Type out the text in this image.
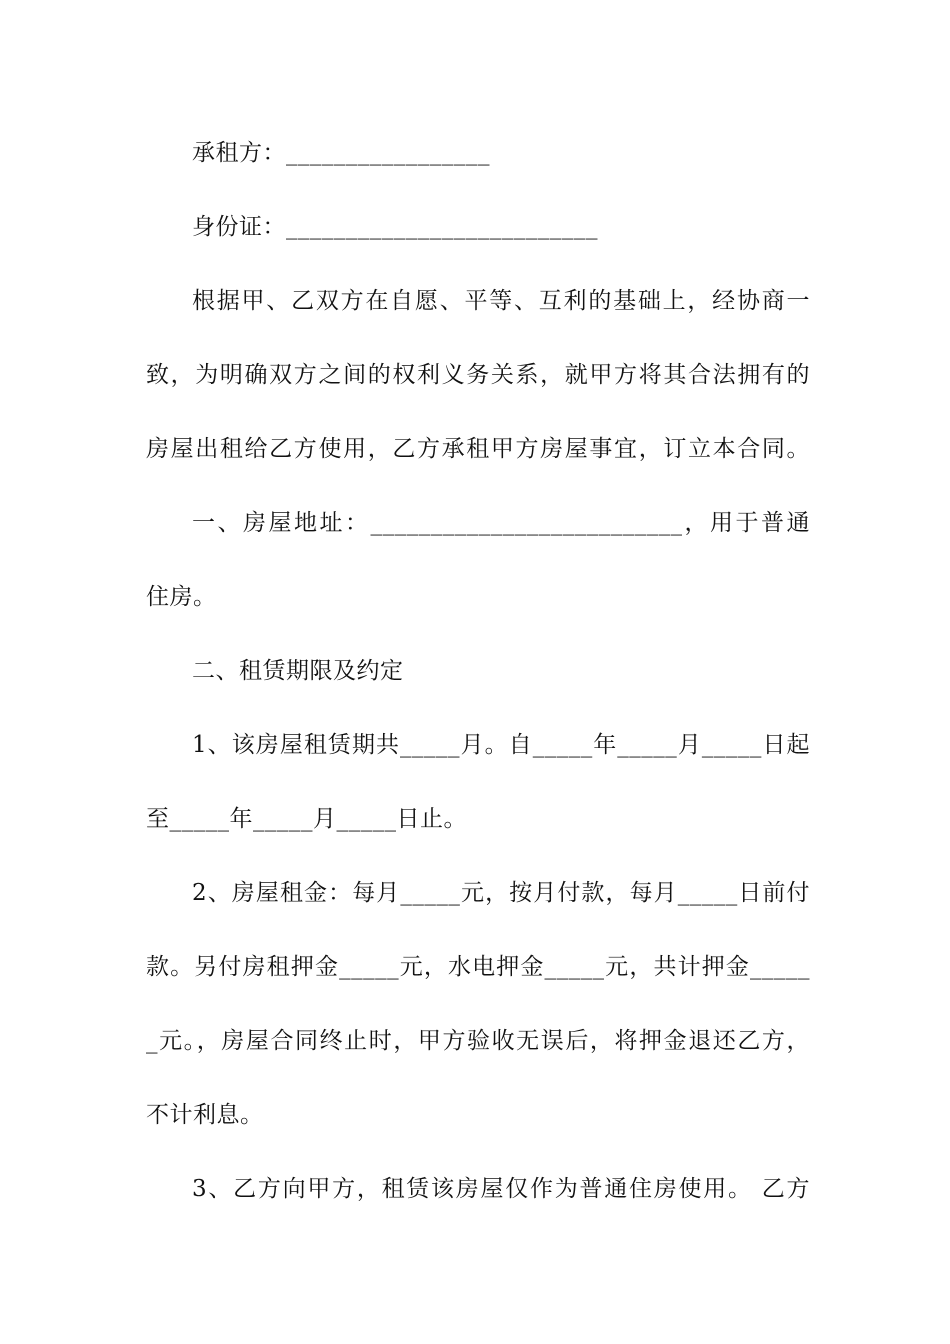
承租方：_________________
身份证：__________________________
根据甲、乙双方在自愿、平等、互利的基础上，经协商一
致，为明确双方之间的权利义务关系，就甲方将其合法拥有的
房屋出租给乙方使用，乙方承租甲方房屋事宜，订立本合同。
一、房屋地址：__________________________，用于普通
住房。
二、租赁期限及约定
1、该房屋租赁期共_____月。自_____年_____月_____日起
至_____年_____月_____日止。
2、房屋租金：每月_____元，按月付款，每月_____日前付
款。另付房租押金_____元，水电押金_____元，共计押金_____
_元。，房屋合同终止时，甲方验收无误后，将押金退还乙方，
不计利息。
3、乙方向甲方，租赁该房屋仅作为普通住房使用。 乙方
